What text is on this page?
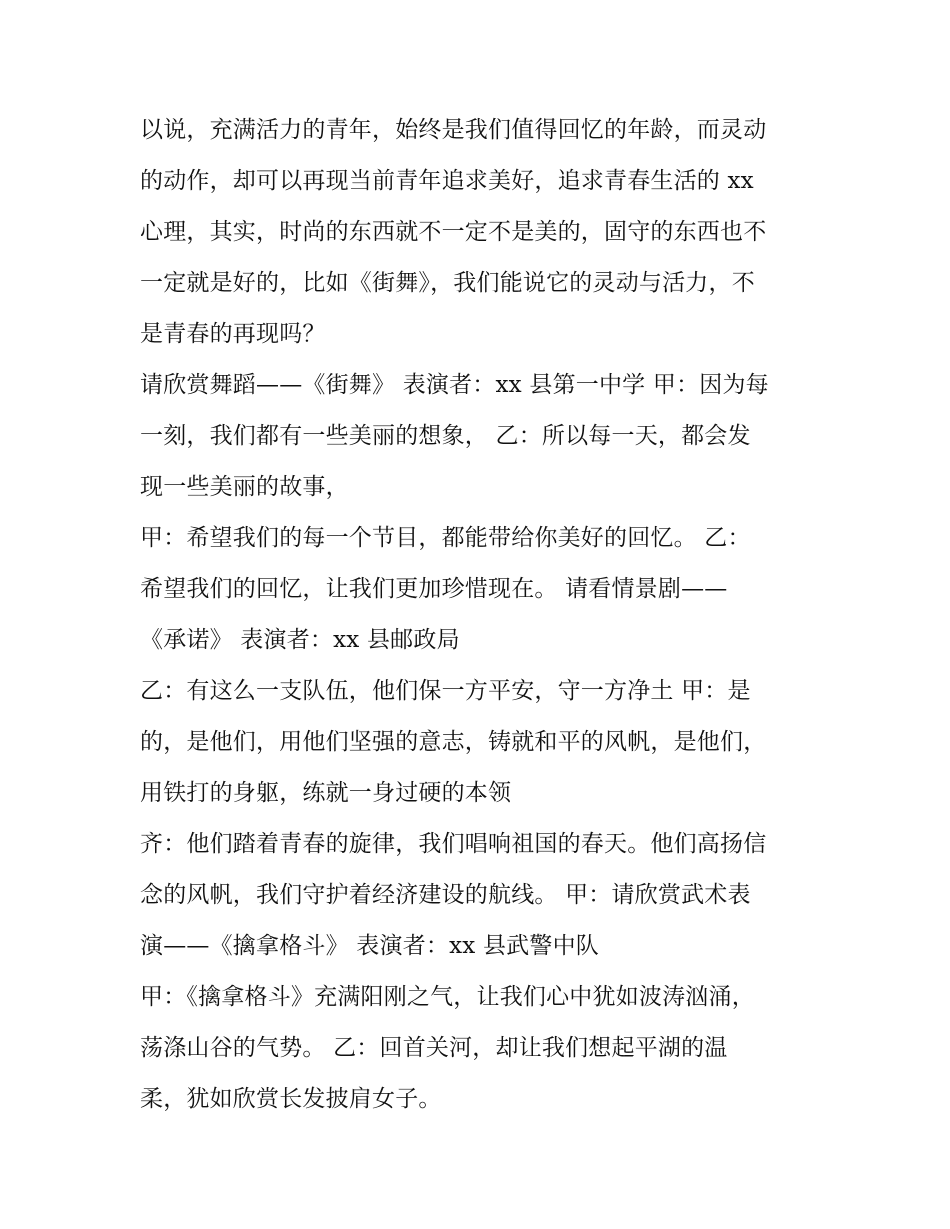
以说，充满活力的青年，始终是我们值得回忆的年龄，而灵动
的动作，却可以再现当前青年追求美好，追求青春生活的 xx
心理，其实，时尚的东西就不一定不是美的，固守的东西也不
一定就是好的，比如《街舞》，我们能说它的灵动与活力，不
是青春的再现吗？
请欣赏舞蹈——《街舞》 表演者：xx 县第一中学 甲：因为每
一刻，我们都有一些美丽的想象， 乙：所以每一天，都会发
现一些美丽的故事，
甲：希望我们的每一个节目，都能带给你美好的回忆。 乙：
希望我们的回忆，让我们更加珍惜现在。 请看情景剧——
《承诺》 表演者：xx 县邮政局
乙：有这么一支队伍，他们保一方平安，守一方净土 甲：是
的，是他们，用他们坚强的意志，铸就和平的风帆，是他们，
用铁打的身躯，练就一身过硬的本领
齐：他们踏着青春的旋律，我们唱响祖国的春天。他们高扬信
念的风帆，我们守护着经济建设的航线。 甲：请欣赏武术表
演——《擒拿格斗》 表演者：xx 县武警中队
甲：《擒拿格斗》充满阳刚之气，让我们心中犹如波涛汹涌，
荡涤山谷的气势。 乙：回首关河，却让我们想起平湖的温
柔，犹如欣赏长发披肩女子。
